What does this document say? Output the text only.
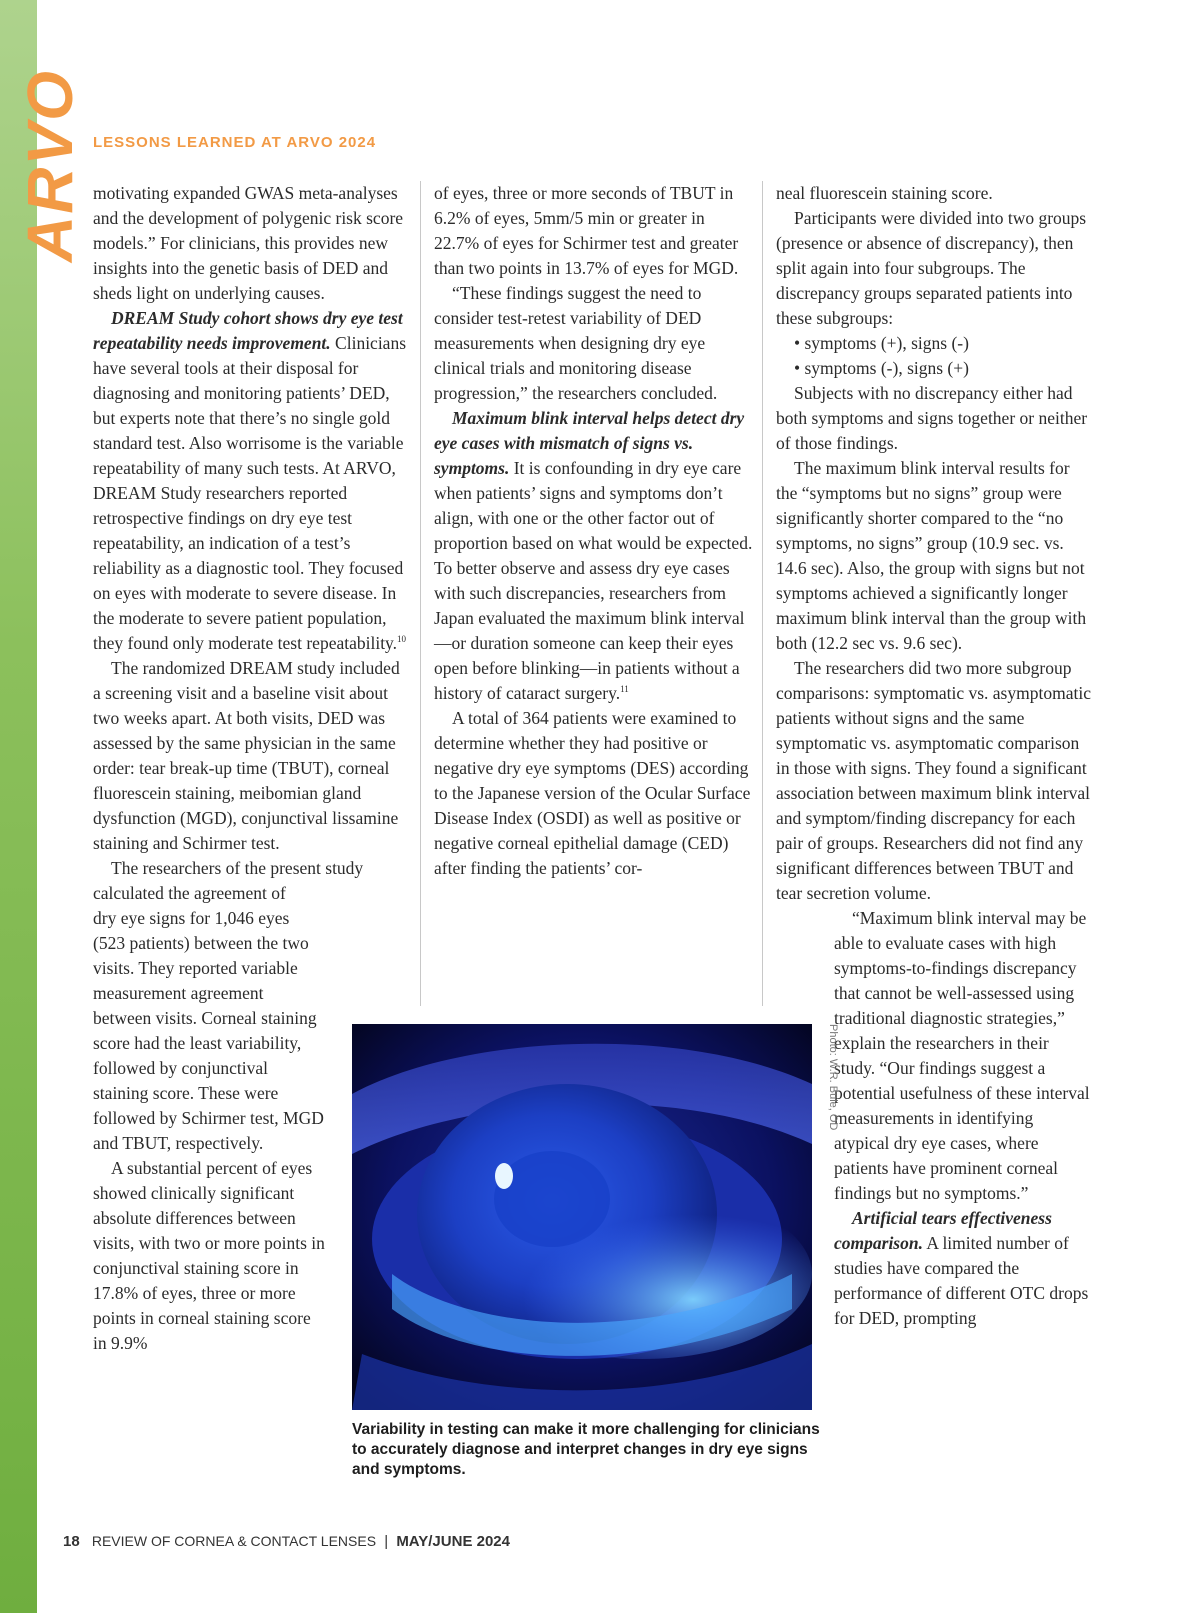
ARVO LESSONS LEARNED AT ARVO 2024

motivating expanded GWAS meta-analyses and the development of polygenic risk score models.” For clinicians, this provides new insights into the genetic basis of DED and sheds light on underlying causes.

DREAM Study cohort shows dry eye test repeatability needs improvement. Clinicians have several tools at their disposal for diagnosing and monitoring patients’ DED, but experts note that there’s no single gold standard test. Also worrisome is the variable repeatability of many such tests. At ARVO, DREAM Study researchers reported retrospective findings on dry eye test repeatability, an indication of a test’s reliability as a diagnostic tool. They focused on eyes with moderate to severe disease. In the moderate to severe patient population, they found only moderate test repeatability.$^{10}$

The randomized DREAM study included a screening visit and a baseline visit about two weeks apart. At both visits, DED was assessed by the same physician in the same order: tear break-up time (TBUT), corneal fluorescein staining, meibomian gland dysfunction (MGD), conjunctival lissamine staining and Schirmer test.

The researchers of the present study calculated the agreement of

dry eye signs for 1,046 eyes (523 patients) between the two visits. They reported variable measurement agreement between visits. Corneal staining score had the least variability, followed by conjunctival staining score. These were followed by Schirmer test, MGD and TBUT, respectively.

A substantial percent of eyes showed clinically significant absolute differences between visits, with two or more points in conjunctival staining score in 17.8% of eyes, three or more points in corneal staining score in 9.9%

of eyes, three or more seconds of TBUT in 6.2% of eyes, 5mm/5 min or greater in 22.7% of eyes for Schirmer test and greater than two points in 13.7% of eyes for MGD.

“These findings suggest the need to consider test-retest variability of DED measurements when designing dry eye clinical trials and monitoring disease progression,” the researchers concluded.

Maximum blink interval helps detect dry eye cases with mismatch of signs vs. symptoms. It is confounding in dry eye care when patients’ signs and symptoms don’t align, with one or the other factor out of proportion based on what would be expected. To better observe and assess dry eye cases with such discrepancies, researchers from Japan evaluated the maximum blink interval—or duration someone can keep their eyes open before blinking—in patients without a history of cataract surgery.$^{11}$

A total of 364 patients were examined to determine whether they had positive or negative dry eye symptoms (DES) according to the Japanese version of the Ocular Surface Disease Index (OSDI) as well as positive or negative corneal epithelial damage (CED) after finding the patients’ cor-

neal fluorescein staining score.

Participants were divided into two groups (presence or absence of discrepancy), then split again into four subgroups. The discrepancy groups separated patients into these subgroups:

• symptoms (+), signs (-)

• symptoms (-), signs (+)

Subjects with no discrepancy either had both symptoms and signs together or neither of those findings.

The maximum blink interval results for the “symptoms but no signs” group were significantly shorter compared to the “no symptoms, no signs” group (10.9 sec. vs. 14.6 sec). Also, the group with signs but not symptoms achieved a significantly longer maximum blink interval than the group with both (12.2 sec vs. 9.6 sec).

The researchers did two more subgroup comparisons: symptomatic vs. asymptomatic patients without signs and the same symptomatic vs. asymptomatic comparison in those with signs. They found a significant association between maximum blink interval and symptom/finding discrepancy for each pair of groups. Researchers did not find any significant differences between TBUT and tear secretion volume.

“Maximum blink interval may be able to evaluate cases with high symptoms-to-findings discrepancy that cannot be well-assessed using traditional diagnostic strategies,” explain the researchers in their study. “Our findings suggest a potential usefulness of these interval measurements in identifying atypical dry eye cases, where patients have prominent corneal findings but no symptoms.”

Artificial tears effectiveness comparison. A limited number of studies have compared the performance of different OTC drops for DED, prompting

Photo: W.R. Buie, OD
Variability in testing can make it more challenging for clinicians to accurately diagnose and interpret changes in dry eye signs and symptoms.
18 REVIEW OF CORNEA & CONTACT LENSES | MAY/JUNE 2024
